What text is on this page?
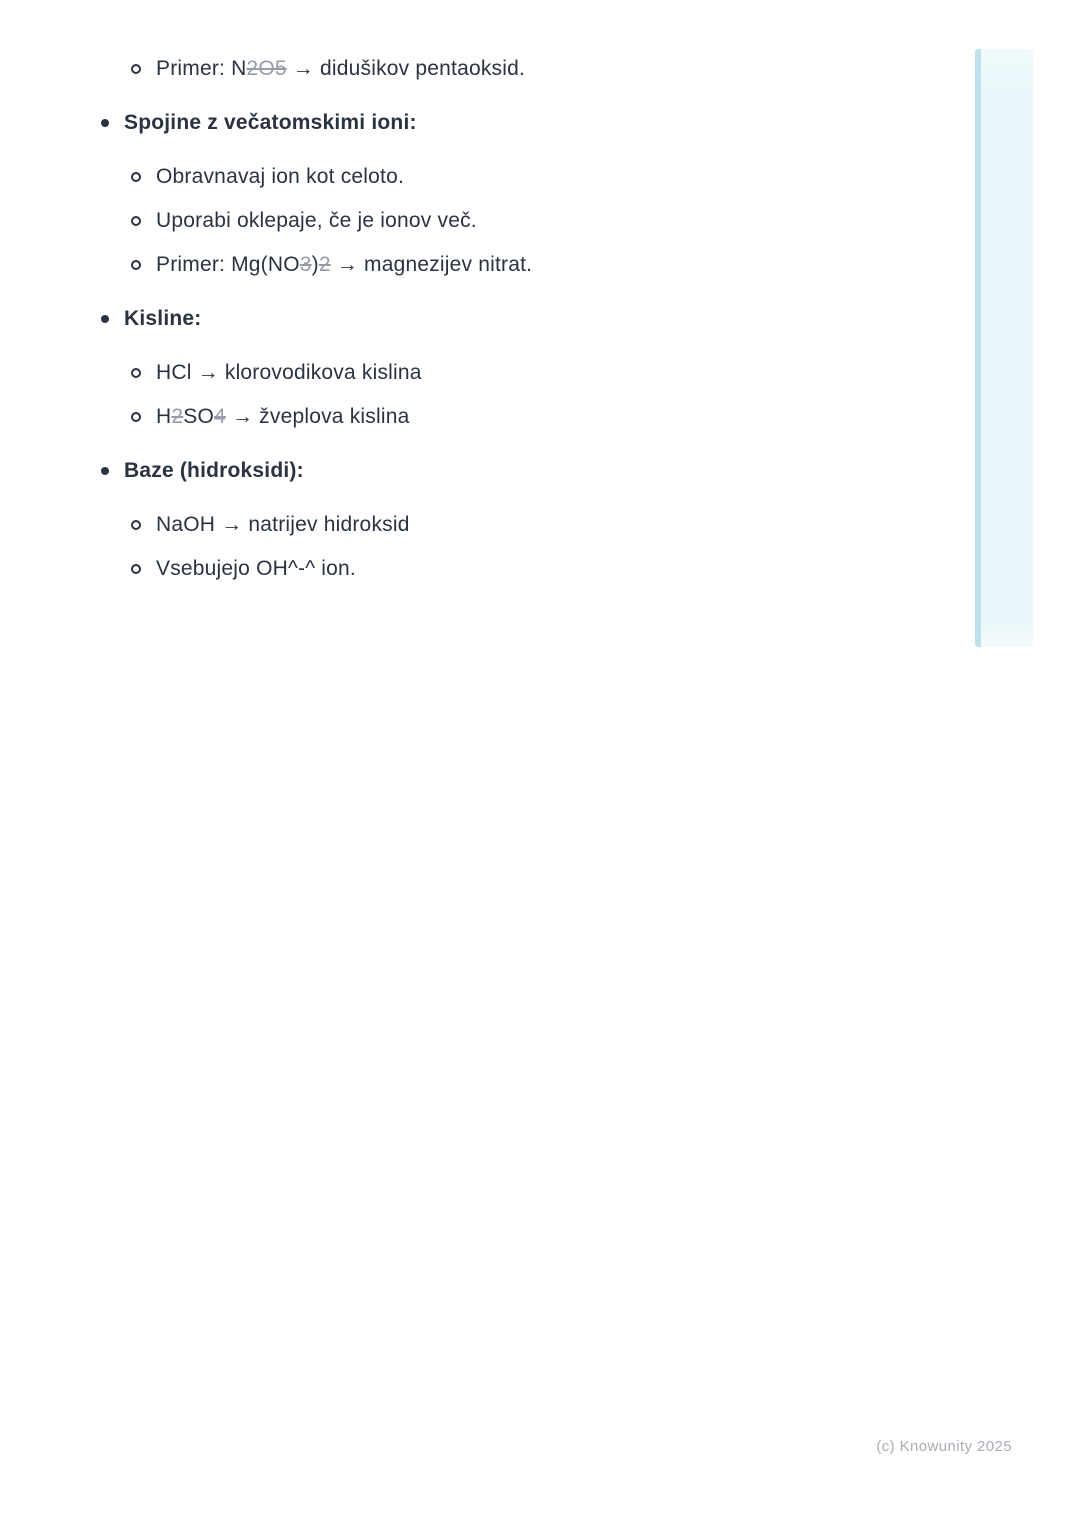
Primer: N2O5 → didušikov pentaoksid.
Spojine z večatomskimi ioni:
Obravnavaj ion kot celoto.
Uporabi oklepaje, če je ionov več.
Primer: Mg(NO3)2 → magnezijev nitrat.
Kisline:
HCl → klorovodikova kislina
H2SO4 → žveplova kislina
Baze (hidroksidi):
NaOH → natrijev hidroksid
Vsebujejo OH^-^ ion.
(c) Knowunity 2025
